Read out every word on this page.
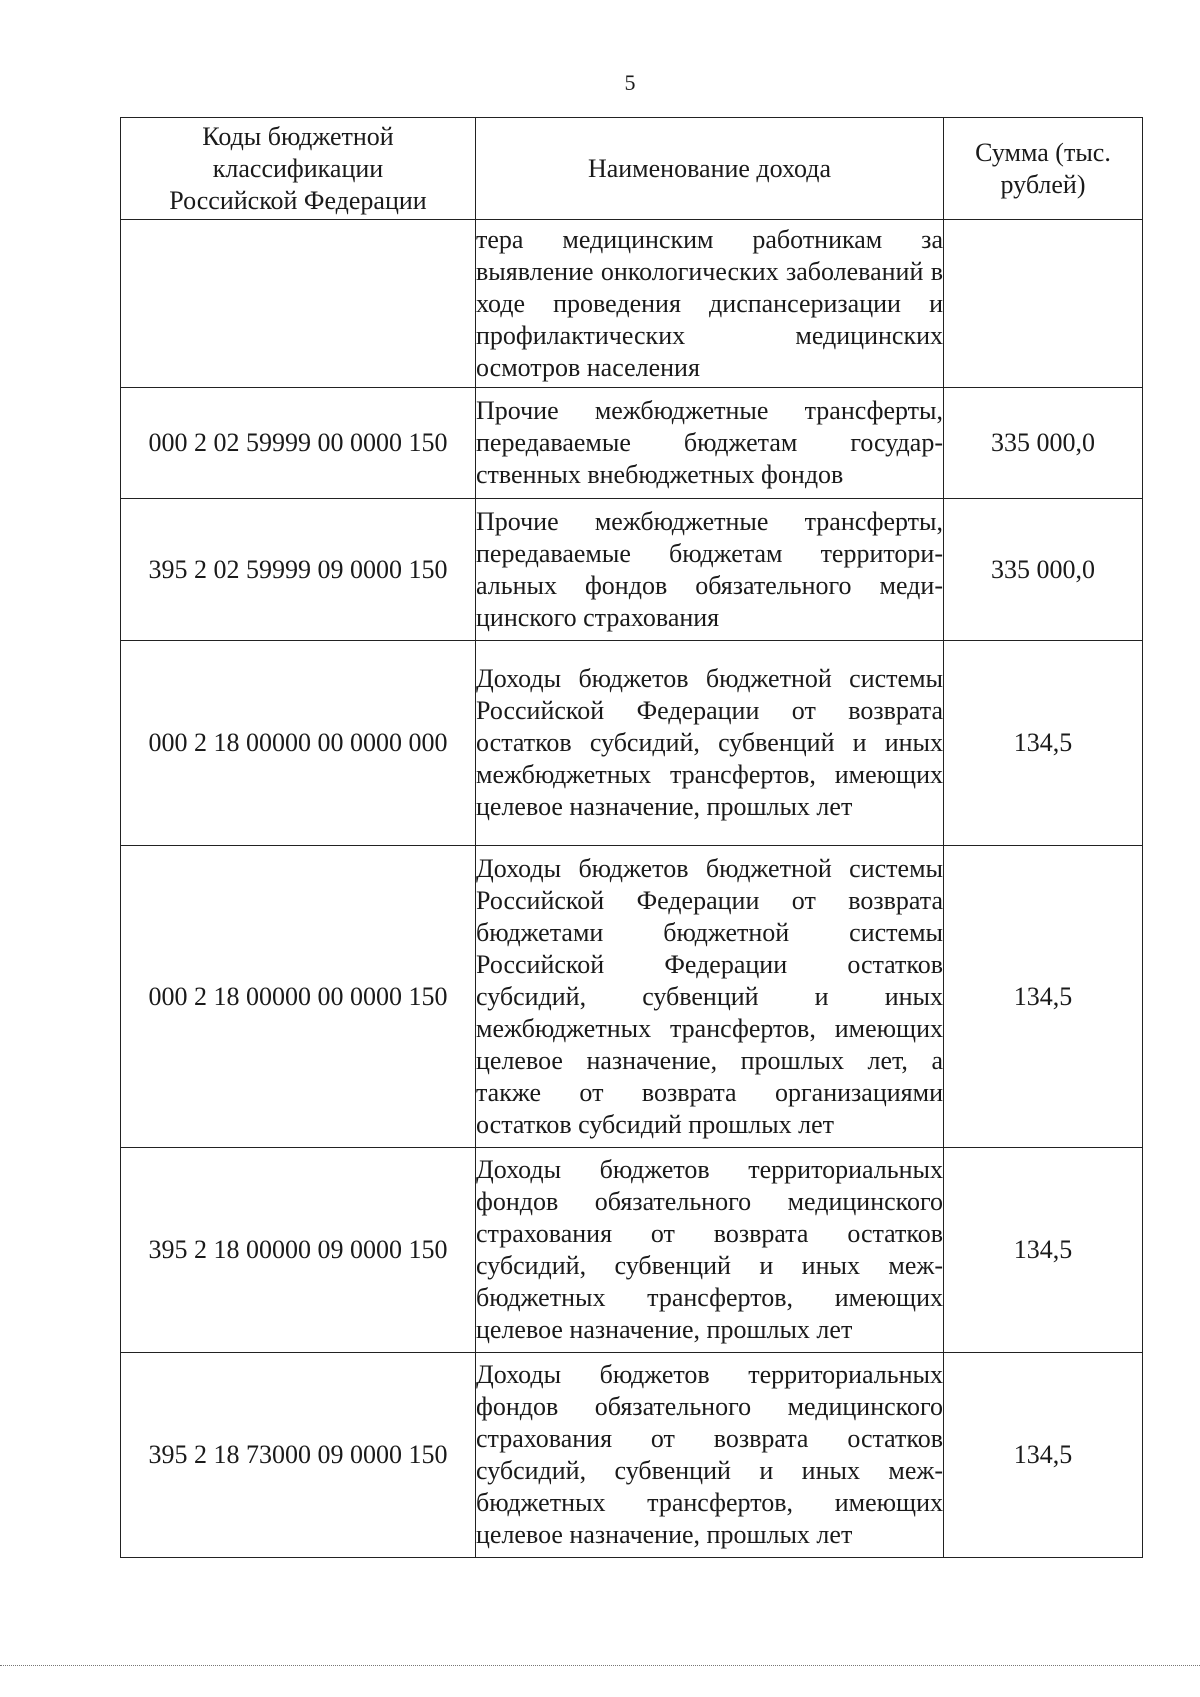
5
Коды бюджетной классификации Российской Федерации	Наименование дохода	Сумма (тыс. рублей)
	тера медицинским работникам за выявление онкологических заболеваний в ходе проведения диспансеризации и профилактических медицинских осмотров населения	
000 2 02 59999 00 0000 150	Прочие межбюджетные трансферты, передаваемые бюджетам государственных внебюджетных фондов	335 000,0
395 2 02 59999 09 0000 150	Прочие межбюджетные трансферты, передаваемые бюджетам территориальных фондов обязательного медицинского страхования	335 000,0
000 2 18 00000 00 0000 000	Доходы бюджетов бюджетной системы Российской Федерации от возврата остатков субсидий, субвенций и иных межбюджетных трансфертов, имеющих целевое назначение, прошлых лет	134,5
000 2 18 00000 00 0000 150	Доходы бюджетов бюджетной системы Российской Федерации от возврата бюджетами бюджетной системы Российской Федерации остатков субсидий, субвенций и иных межбюджетных трансфертов, имеющих целевое назначение, прошлых лет, а также от возврата организациями остатков субсидий прошлых лет	134,5
395 2 18 00000 09 0000 150	Доходы бюджетов территориальных фондов обязательного медицинского страхования от возврата остатков субсидий, субвенций и иных межбюджетных трансфертов, имеющих целевое назначение, прошлых лет	134,5
395 2 18 73000 09 0000 150	Доходы бюджетов территориальных фондов обязательного медицинского страхования от возврата остатков субсидий, субвенций и иных межбюджетных трансфертов, имеющих целевое назначение, прошлых лет	134,5
